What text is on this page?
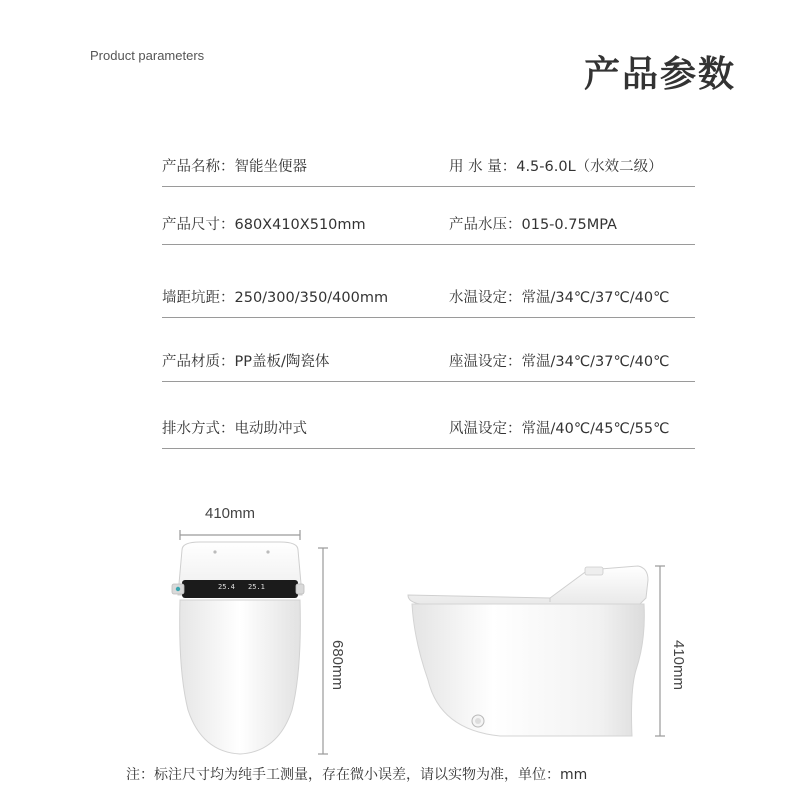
Product parameters	产品参数
产品名称：智能坐便器	用 水 量：4.5-6.0L（水效二级）
产品尺寸：680X410X510mm	产品水压：015-0.75MPA
墙距坑距：250/300/350/400mm	水温设定：常温/34℃/37℃/40℃
产品材质：PP盖板/陶瓷体	座温设定：常温/34℃/37℃/40℃
排水方式：电动助冲式	风温设定：常温/40℃/45℃/55℃
25.4 25.1
410mm
680mm	410mm
注：标注尺寸均为纯手工测量，存在微小误差，请以实物为准，单位：mm
